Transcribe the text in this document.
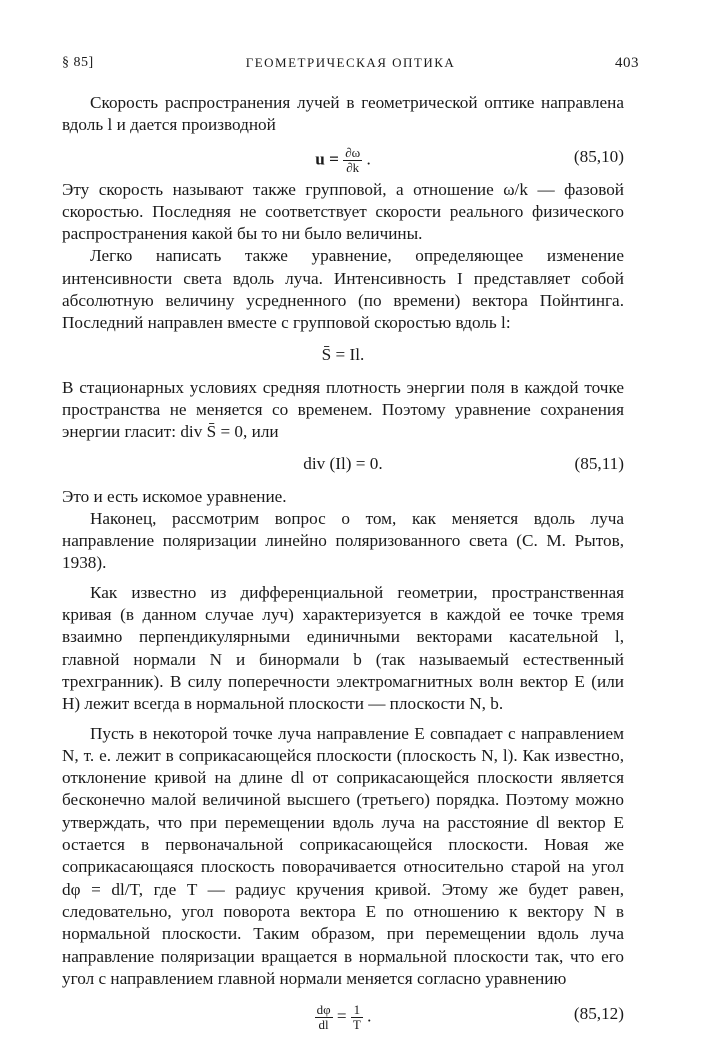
§ 85]	ГЕОМЕТРИЧЕСКАЯ ОПТИКА	403

Скорость распространения лучей в геометрической оптике направлена вдоль l и дается производной

$u = \frac{\partial\omega}{\partial k}$ .	(85,10)

Эту скорость называют также групповой, а отношение ω/k — фазовой скоростью. Последняя не соответствует скорости реального физического распространения какой бы то ни было величины.

Легко написать также уравнение, определяющее изменение интенсивности света вдоль луча. Интенсивность I представляет собой абсолютную величину усредненного (по времени) вектора Пойнтинга. Последний направлен вместе с групповой скоростью вдоль l:

S̄ = Il.

В стационарных условиях средняя плотность энергии поля в каждой точке пространства не меняется со временем. Поэтому уравнение сохранения энергии гласит: div S̄ = 0, или

div (Il) = 0.	(85,11)

Это и есть искомое уравнение.

Наконец, рассмотрим вопрос о том, как меняется вдоль луча направление поляризации линейно поляризованного света (С. М. Рытов, 1938).

Как известно из дифференциальной геометрии, пространственная кривая (в данном случае луч) характеризуется в каждой ее точке тремя взаимно перпендикулярными единичными векторами касательной l, главной нормали N и бинормали b (так называемый естественный трехгранник). В силу поперечности электромагнитных волн вектор E (или H) лежит всегда в нормальной плоскости — плоскости N, b.

Пусть в некоторой точке луча направление E совпадает с направлением N, т. е. лежит в соприкасающейся плоскости (плоскость N, l). Как известно, отклонение кривой на длине dl от соприкасающейся плоскости является бесконечно малой величиной высшего (третьего) порядка. Поэтому можно утверждать, что при перемещении вдоль луча на расстояние dl вектор E остается в первоначальной соприкасающейся плоскости. Новая же соприкасающаяся плоскость поворачивается относительно старой на угол dφ = dl/T, где T — радиус кручения кривой. Этому же будет равен, следовательно, угол поворота вектора E по отношению к вектору N в нормальной плоскости. Таким образом, при перемещении вдоль луча направление поляризации вращается в нормальной плоскости так, что его угол с направлением главной нормали меняется согласно уравнению

$\frac{d\varphi}{dl} = \frac{1}{T}$ .	(85,12)
